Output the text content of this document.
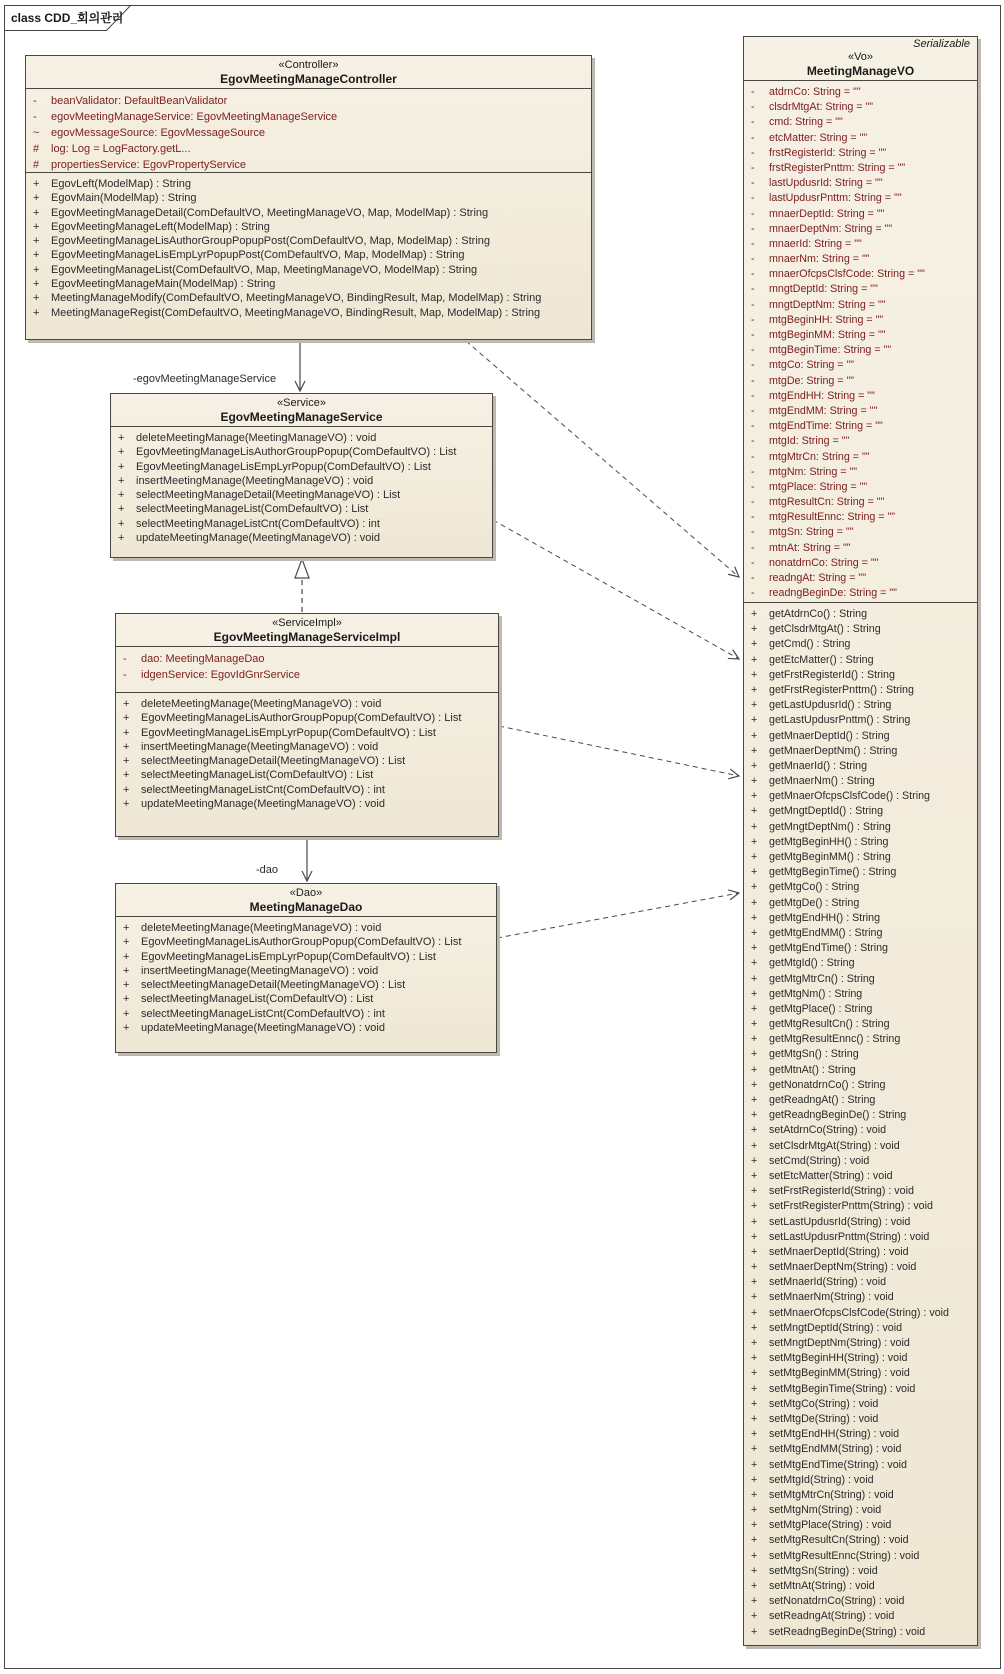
class CDD_회의관리
«Controller»
EgovMeetingManageController
-	beanValidator: DefaultBeanValidator
-	egovMeetingManageService: EgovMeetingManageService
~	egovMessageSource: EgovMessageSource
#	log: Log = LogFactory.getL...
#	propertiesService: EgovPropertyService
+	EgovLeft(ModelMap) : String
+	EgovMain(ModelMap) : String
+	EgovMeetingManageDetail(ComDefaultVO, MeetingManageVO, Map, ModelMap) : String
+	EgovMeetingManageLeft(ModelMap) : String
+	EgovMeetingManageLisAuthorGroupPopupPost(ComDefaultVO, Map, ModelMap) : String
+	EgovMeetingManageLisEmpLyrPopupPost(ComDefaultVO, Map, ModelMap) : String
+	EgovMeetingManageList(ComDefaultVO, Map, MeetingManageVO, ModelMap) : String
+	EgovMeetingManageMain(ModelMap) : String
+	MeetingManageModify(ComDefaultVO, MeetingManageVO, BindingResult, Map, ModelMap) : String
+	MeetingManageRegist(ComDefaultVO, MeetingManageVO, BindingResult, Map, ModelMap) : String
«Service»
EgovMeetingManageService
+	deleteMeetingManage(MeetingManageVO) : void
+	EgovMeetingManageLisAuthorGroupPopup(ComDefaultVO) : List
+	EgovMeetingManageLisEmpLyrPopup(ComDefaultVO) : List
+	insertMeetingManage(MeetingManageVO) : void
+	selectMeetingManageDetail(MeetingManageVO) : List
+	selectMeetingManageList(ComDefaultVO) : List
+	selectMeetingManageListCnt(ComDefaultVO) : int
+	updateMeetingManage(MeetingManageVO) : void
«ServiceImpl»
EgovMeetingManageServiceImpl
-	dao: MeetingManageDao
-	idgenService: EgovIdGnrService
+	deleteMeetingManage(MeetingManageVO) : void
+	EgovMeetingManageLisAuthorGroupPopup(ComDefaultVO) : List
+	EgovMeetingManageLisEmpLyrPopup(ComDefaultVO) : List
+	insertMeetingManage(MeetingManageVO) : void
+	selectMeetingManageDetail(MeetingManageVO) : List
+	selectMeetingManageList(ComDefaultVO) : List
+	selectMeetingManageListCnt(ComDefaultVO) : int
+	updateMeetingManage(MeetingManageVO) : void
«Dao»
MeetingManageDao
+	deleteMeetingManage(MeetingManageVO) : void
+	EgovMeetingManageLisAuthorGroupPopup(ComDefaultVO) : List
+	EgovMeetingManageLisEmpLyrPopup(ComDefaultVO) : List
+	insertMeetingManage(MeetingManageVO) : void
+	selectMeetingManageDetail(MeetingManageVO) : List
+	selectMeetingManageList(ComDefaultVO) : List
+	selectMeetingManageListCnt(ComDefaultVO) : int
+	updateMeetingManage(MeetingManageVO) : void
Serializable
«Vo»
MeetingManageVO
-	atdrnCo: String = ""
-	clsdrMtgAt: String = ""
-	cmd: String = ""
-	etcMatter: String = ""
-	frstRegisterId: String = ""
-	frstRegisterPnttm: String = ""
-	lastUpdusrId: String = ""
-	lastUpdusrPnttm: String = ""
-	mnaerDeptId: String = ""
-	mnaerDeptNm: String = ""
-	mnaerId: String = ""
-	mnaerNm: String = ""
-	mnaerOfcpsClsfCode: String = ""
-	mngtDeptId: String = ""
-	mngtDeptNm: String = ""
-	mtgBeginHH: String = ""
-	mtgBeginMM: String = ""
-	mtgBeginTime: String = ""
-	mtgCo: String = ""
-	mtgDe: String = ""
-	mtgEndHH: String = ""
-	mtgEndMM: String = ""
-	mtgEndTime: String = ""
-	mtgId: String = ""
-	mtgMtrCn: String = ""
-	mtgNm: String = ""
-	mtgPlace: String = ""
-	mtgResultCn: String = ""
-	mtgResultEnnc: String = ""
-	mtgSn: String = ""
-	mtnAt: String = ""
-	nonatdrnCo: String = ""
-	readngAt: String = ""
-	readngBeginDe: String = ""
+	getAtdrnCo() : String
+	getClsdrMtgAt() : String
+	getCmd() : String
+	getEtcMatter() : String
+	getFrstRegisterId() : String
+	getFrstRegisterPnttm() : String
+	getLastUpdusrId() : String
+	getLastUpdusrPnttm() : String
+	getMnaerDeptId() : String
+	getMnaerDeptNm() : String
+	getMnaerId() : String
+	getMnaerNm() : String
+	getMnaerOfcpsClsfCode() : String
+	getMngtDeptId() : String
+	getMngtDeptNm() : String
+	getMtgBeginHH() : String
+	getMtgBeginMM() : String
+	getMtgBeginTime() : String
+	getMtgCo() : String
+	getMtgDe() : String
+	getMtgEndHH() : String
+	getMtgEndMM() : String
+	getMtgEndTime() : String
+	getMtgId() : String
+	getMtgMtrCn() : String
+	getMtgNm() : String
+	getMtgPlace() : String
+	getMtgResultCn() : String
+	getMtgResultEnnc() : String
+	getMtgSn() : String
+	getMtnAt() : String
+	getNonatdrnCo() : String
+	getReadngAt() : String
+	getReadngBeginDe() : String
+	setAtdrnCo(String) : void
+	setClsdrMtgAt(String) : void
+	setCmd(String) : void
+	setEtcMatter(String) : void
+	setFrstRegisterId(String) : void
+	setFrstRegisterPnttm(String) : void
+	setLastUpdusrId(String) : void
+	setLastUpdusrPnttm(String) : void
+	setMnaerDeptId(String) : void
+	setMnaerDeptNm(String) : void
+	setMnaerId(String) : void
+	setMnaerNm(String) : void
+	setMnaerOfcpsClsfCode(String) : void
+	setMngtDeptId(String) : void
+	setMngtDeptNm(String) : void
+	setMtgBeginHH(String) : void
+	setMtgBeginMM(String) : void
+	setMtgBeginTime(String) : void
+	setMtgCo(String) : void
+	setMtgDe(String) : void
+	setMtgEndHH(String) : void
+	setMtgEndMM(String) : void
+	setMtgEndTime(String) : void
+	setMtgId(String) : void
+	setMtgMtrCn(String) : void
+	setMtgNm(String) : void
+	setMtgPlace(String) : void
+	setMtgResultCn(String) : void
+	setMtgResultEnnc(String) : void
+	setMtgSn(String) : void
+	setMtnAt(String) : void
+	setNonatdrnCo(String) : void
+	setReadngAt(String) : void
+	setReadngBeginDe(String) : void
-egovMeetingManageService
-dao
